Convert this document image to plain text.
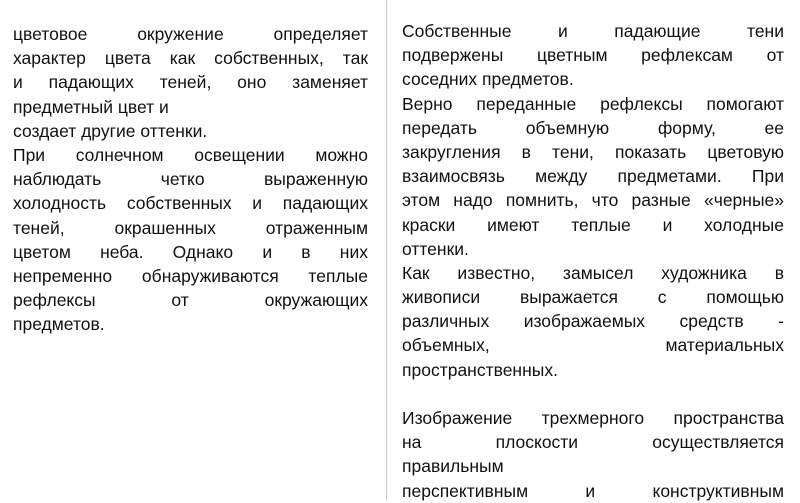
цветовое окружение определяет
характер цвета как собственных, так
и падающих теней, оно заменяет
предметный цвет и
создает другие оттенки.
При солнечном освещении можно
наблюдать четко выраженную
холодность собственных и падающих
теней, окрашенных отраженным
цветом неба. Однако и в них
непременно обнаруживаются теплые
рефлексы от окружающих
предметов.
Собственные и падающие тени
подвержены цветным рефлексам от
соседних предметов.
Верно переданные рефлексы помогают
передать объемную форму, ее
закругления в тени, показать цветовую
взаимосвязь между предметами. При
этом надо помнить, что разные «черные»
краски имеют теплые и холодные
оттенки.
Как известно, замысел художника в
живописи выражается с помощью
различных изображаемых средств -
объемных, материальных
пространственных.
Изображение трехмерного пространства
на плоскости осуществляется
правильным
перспективным и конструктивным
